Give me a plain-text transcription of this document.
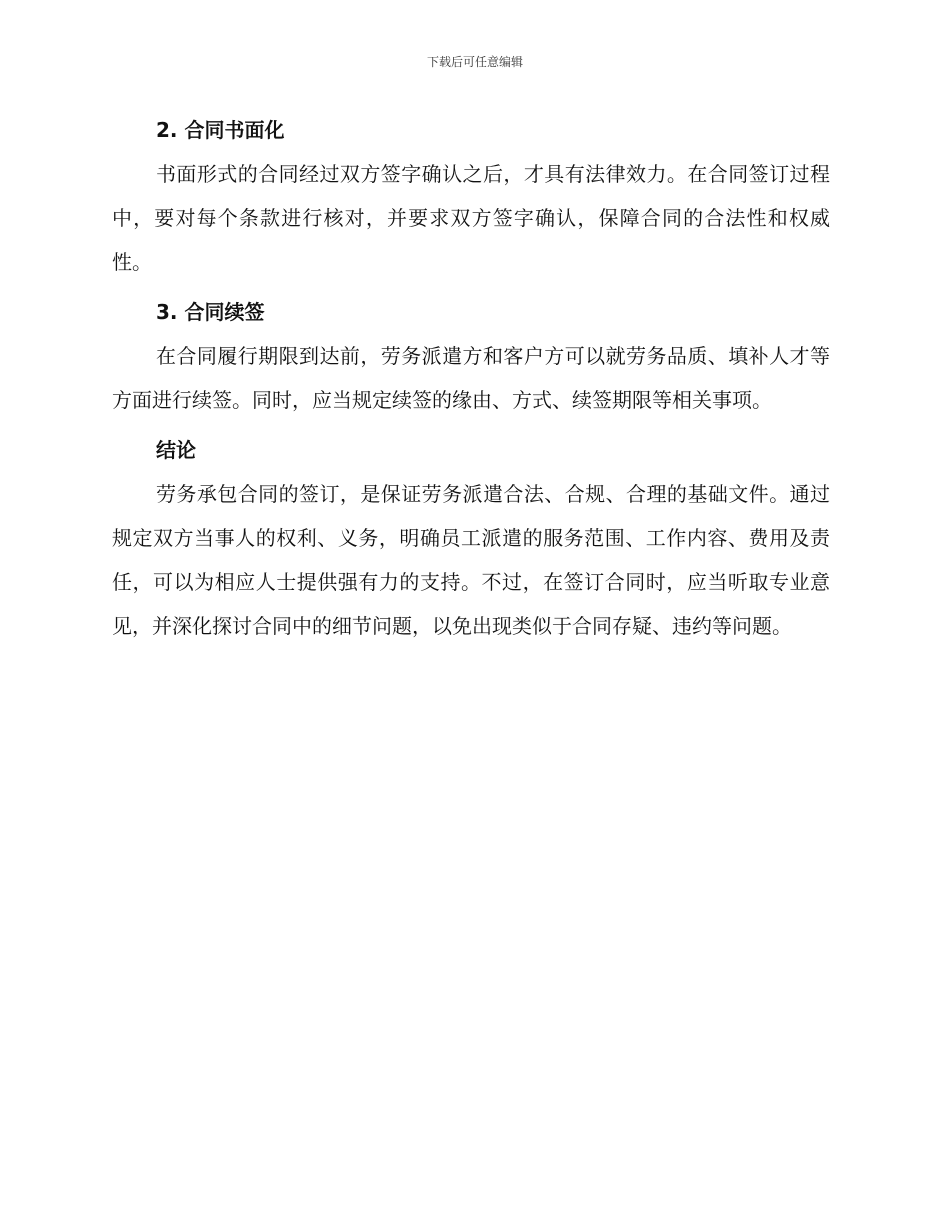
下载后可任意编辑
2. 合同书面化

书面形式的合同经过双方签字确认之后，才具有法律效力。在合同签订过程中，要对每个条款进行核对，并要求双方签字确认，保障合同的合法性和权威性。

3. 合同续签

在合同履行期限到达前，劳务派遣方和客户方可以就劳务品质、填补人才等方面进行续签。同时，应当规定续签的缘由、方式、续签期限等相关事项。

结论

劳务承包合同的签订，是保证劳务派遣合法、合规、合理的基础文件。通过规定双方当事人的权利、义务，明确员工派遣的服务范围、工作内容、费用及责任，可以为相应人士提供强有力的支持。不过，在签订合同时，应当听取专业意见，并深化探讨合同中的细节问题，以免出现类似于合同存疑、违约等问题。
